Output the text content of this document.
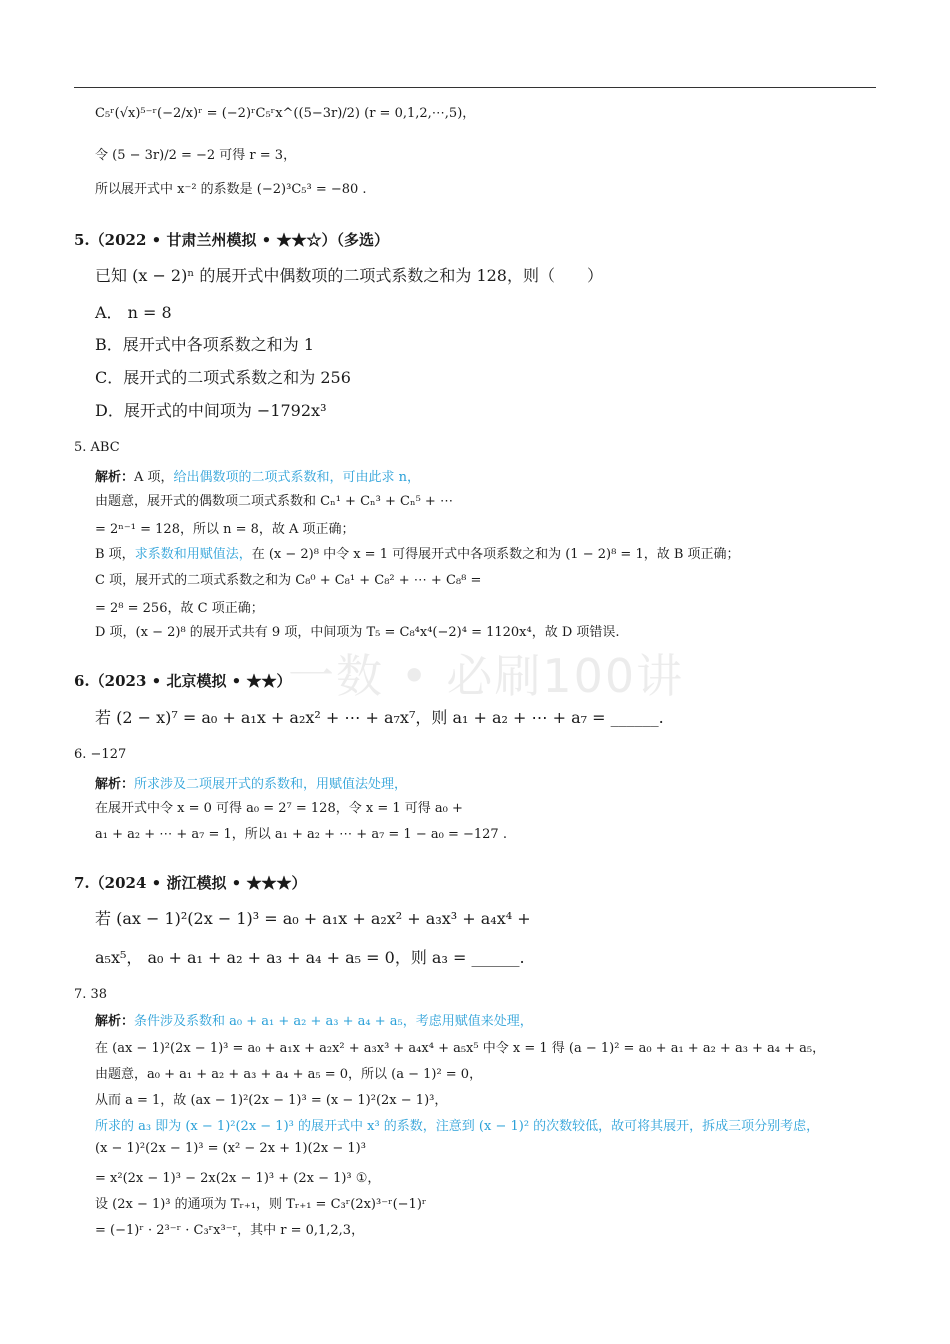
一数 • 必刷100讲
C₅ʳ(√x)⁵⁻ʳ(−2/x)ʳ = (−2)ʳC₅ʳx^((5−3r)/2) (r = 0,1,2,⋯,5)，
令 (5 − 3r)/2 = −2 可得 r = 3，
所以展开式中 x⁻² 的系数是 (−2)³C₅³ = −80 .
5.（2022 • 甘肃兰州模拟 • ★★☆）（多选）
已知 (x − 2)ⁿ 的展开式中偶数项的二项式系数之和为 128，则（　　）
A． n = 8
B．展开式中各项系数之和为 1
C．展开式的二项式系数之和为 256
D．展开式的中间项为 −1792x³
5. ABC
解析：A 项，给出偶数项的二项式系数和，可由此求 n，
由题意，展开式的偶数项二项式系数和 Cₙ¹ + Cₙ³ + Cₙ⁵ + ⋯
= 2ⁿ⁻¹ = 128，所以 n = 8，故 A 项正确；
B 项，求系数和用赋值法，在 (x − 2)⁸ 中令 x = 1 可得展开式中各项系数之和为 (1 − 2)⁸ = 1，故 B 项正确；
C 项，展开式的二项式系数之和为 C₈⁰ + C₈¹ + C₈² + ⋯ + C₈⁸ =
= 2⁸ = 256，故 C 项正确；
D 项，(x − 2)⁸ 的展开式共有 9 项，中间项为 T₅ = C₈⁴x⁴(−2)⁴ = 1120x⁴，故 D 项错误.
6.（2023 • 北京模拟 • ★★）
若 (2 − x)⁷ = a₀ + a₁x + a₂x² + ⋯ + a₇x⁷，则 a₁ + a₂ + ⋯ + a₇ = ______.
6. −127
解析：所求涉及二项展开式的系数和，用赋值法处理，
在展开式中令 x = 0 可得 a₀ = 2⁷ = 128，令 x = 1 可得 a₀ +
a₁ + a₂ + ⋯ + a₇ = 1，所以 a₁ + a₂ + ⋯ + a₇ = 1 − a₀ = −127 .
7.（2024 • 浙江模拟 • ★★★）
若 (ax − 1)²(2x − 1)³ = a₀ + a₁x + a₂x² + a₃x³ + a₄x⁴ +
a₅x⁵， a₀ + a₁ + a₂ + a₃ + a₄ + a₅ = 0，则 a₃ = ______.
7. 38
解析：条件涉及系数和 a₀ + a₁ + a₂ + a₃ + a₄ + a₅，考虑用赋值来处理，
在 (ax − 1)²(2x − 1)³ = a₀ + a₁x + a₂x² + a₃x³ + a₄x⁴ + a₅x⁵ 中令 x = 1 得 (a − 1)² = a₀ + a₁ + a₂ + a₃ + a₄ + a₅，
由题意，a₀ + a₁ + a₂ + a₃ + a₄ + a₅ = 0，所以 (a − 1)² = 0，
从而 a = 1，故 (ax − 1)²(2x − 1)³ = (x − 1)²(2x − 1)³，
所求的 a₃ 即为 (x − 1)²(2x − 1)³ 的展开式中 x³ 的系数，注意到 (x − 1)² 的次数较低，故可将其展开，拆成三项分别考虑，
(x − 1)²(2x − 1)³ = (x² − 2x + 1)(2x − 1)³
= x²(2x − 1)³ − 2x(2x − 1)³ + (2x − 1)³ ①，
设 (2x − 1)³ 的通项为 Tᵣ₊₁，则 Tᵣ₊₁ = C₃ʳ(2x)³⁻ʳ(−1)ʳ
= (−1)ʳ · 2³⁻ʳ · C₃ʳx³⁻ʳ，其中 r = 0,1,2,3，
